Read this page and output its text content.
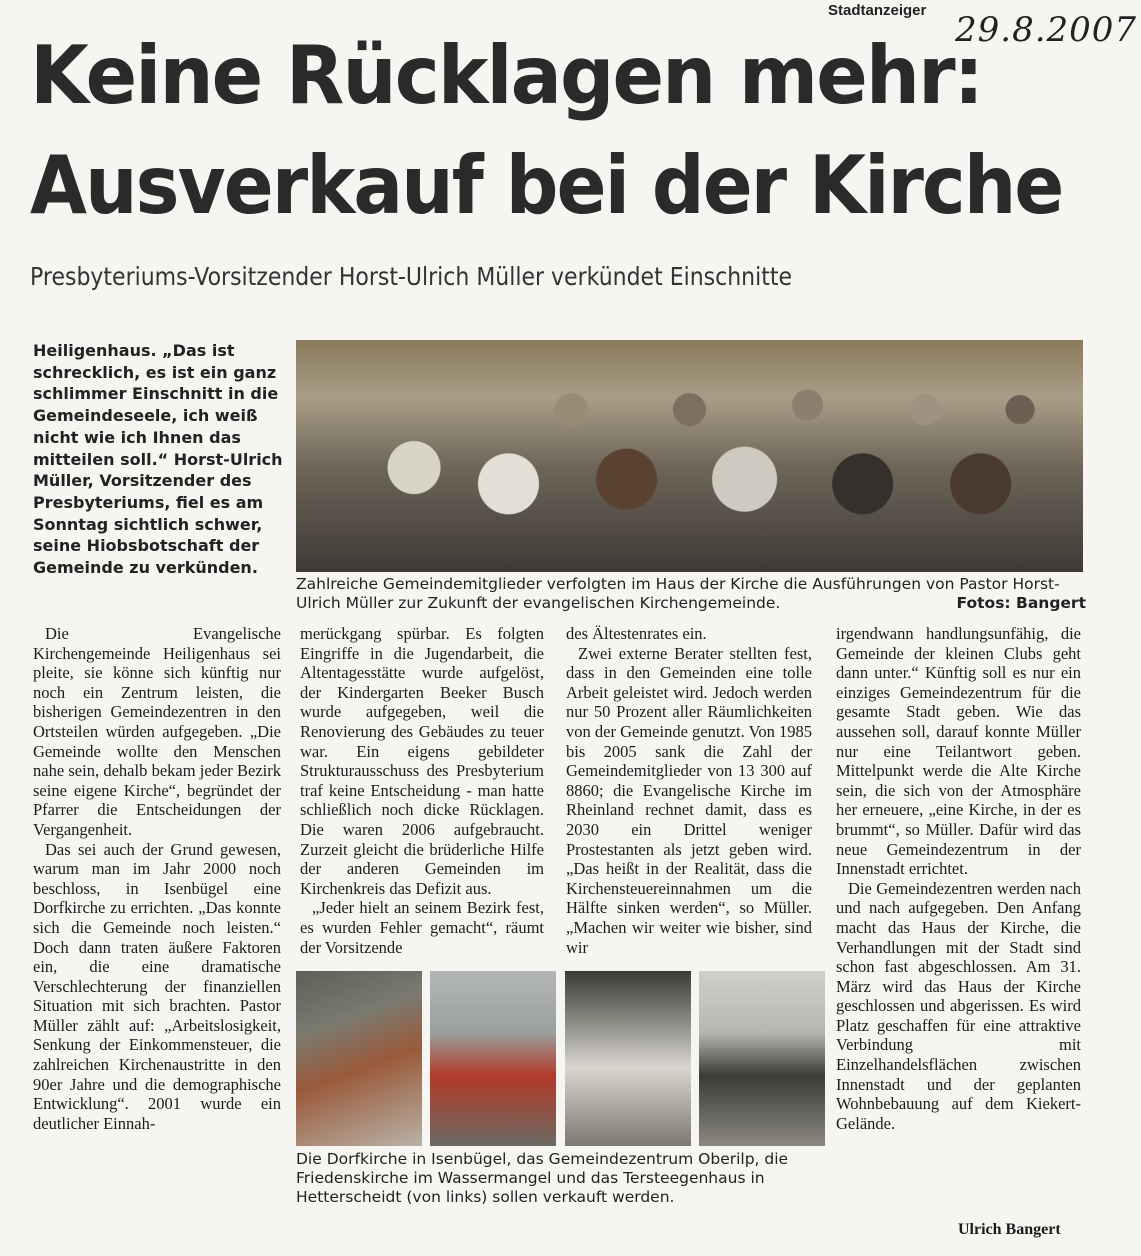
Stadtanzeiger 29.8.2007
Keine Rücklagen mehr:
Ausverkauf bei der Kirche
Presbyteriums-Vorsitzender Horst-Ulrich Müller verkündet Einschnitte
Heiligenhaus. „Das ist schrecklich, es ist ein ganz schlimmer Einschnitt in die Gemeindeseele, ich weiß nicht wie ich Ihnen das mitteilen soll.“ Horst-Ulrich Müller, Vorsitzender des Presbyteriums, fiel es am Sonntag sichtlich schwer, seine Hiobsbotschaft der Gemeinde zu verkünden.
Zahlreiche Gemeindemitglieder verfolgten im Haus der Kirche die Ausführungen von Pastor Horst-Ulrich Müller zur Zukunft der evangelischen Kirchengemeinde.	Fotos: Bangert

Die Evangelische Kirchengemeinde Heiligenhaus sei pleite, sie könne sich künftig nur noch ein Zentrum leisten, die bisherigen Gemeindezentren in den Ortsteilen würden aufgegeben. „Die Gemeinde wollte den Menschen nahe sein, dehalb bekam jeder Bezirk seine eigene Kirche“, begründet der Pfarrer die Entscheidungen der Vergangenheit.

Das sei auch der Grund gewesen, warum man im Jahr 2000 noch beschloss, in Isenbügel eine Dorfkirche zu errichten. „Das konnte sich die Gemeinde noch leisten.“ Doch dann traten äußere Faktoren ein, die eine dramatische Verschlechterung der finanziellen Situation mit sich brachten. Pastor Müller zählt auf: „Arbeitslosigkeit, Senkung der Einkommensteuer, die zahlreichen Kirchenaustritte in den 90er Jahre und die demographische Entwicklung“. 2001 wurde ein deutlicher Einnah-

merückgang spürbar. Es folgten Eingriffe in die Jugendarbeit, die Altentagesstätte wurde aufgelöst, der Kindergarten Beeker Busch wurde aufgegeben, weil die Renovierung des Gebäudes zu teuer war. Ein eigens gebildeter Strukturausschuss des Presbyterium traf keine Entscheidung - man hatte schließlich noch dicke Rücklagen. Die waren 2006 aufgebraucht. Zurzeit gleicht die brüderliche Hilfe der anderen Gemeinden im Kirchenkreis das Defizit aus.

„Jeder hielt an seinem Bezirk fest, es wurden Fehler gemacht“, räumt der Vorsitzende

des Ältestenrates ein.

Zwei externe Berater stellten fest, dass in den Gemeinden eine tolle Arbeit geleistet wird. Jedoch werden nur 50 Prozent aller Räumlichkeiten von der Gemeinde genutzt. Von 1985 bis 2005 sank die Zahl der Gemeindemitglieder von 13 300 auf 8860; die Evangelische Kirche im Rheinland rechnet damit, dass es 2030 ein Drittel weniger Prostestanten als jetzt geben wird. „Das heißt in der Realität, dass die Kirchensteuereinnahmen um die Hälfte sinken werden“, so Müller. „Machen wir weiter wie bisher, sind wir

irgendwann handlungsunfähig, die Gemeinde der kleinen Clubs geht dann unter.“ Künftig soll es nur ein einziges Gemeindezentrum für die gesamte Stadt geben. Wie das aussehen soll, darauf konnte Müller nur eine Teilantwort geben. Mittelpunkt werde die Alte Kirche sein, die sich von der Atmosphäre her erneuere, „eine Kirche, in der es brummt“, so Müller. Dafür wird das neue Gemeindezentrum in der Innenstadt errichtet.

Die Gemeindezentren werden nach und nach aufgegeben. Den Anfang macht das Haus der Kirche, die Verhandlungen mit der Stadt sind schon fast abgeschlossen. Am 31. März wird das Haus der Kirche geschlossen und abgerissen. Es wird Platz geschaffen für eine attraktive Verbindung mit Einzelhandelsflächen zwischen Innenstadt und der geplanten Wohnbebauung auf dem Kiekert-Gelände.

Die Dorfkirche in Isenbügel, das Gemeindezentrum Oberilp, die Friedenskirche im Wassermangel und das Tersteegenhaus in Hetterscheidt (von links) sollen verkauft werden.
Ulrich Bangert
